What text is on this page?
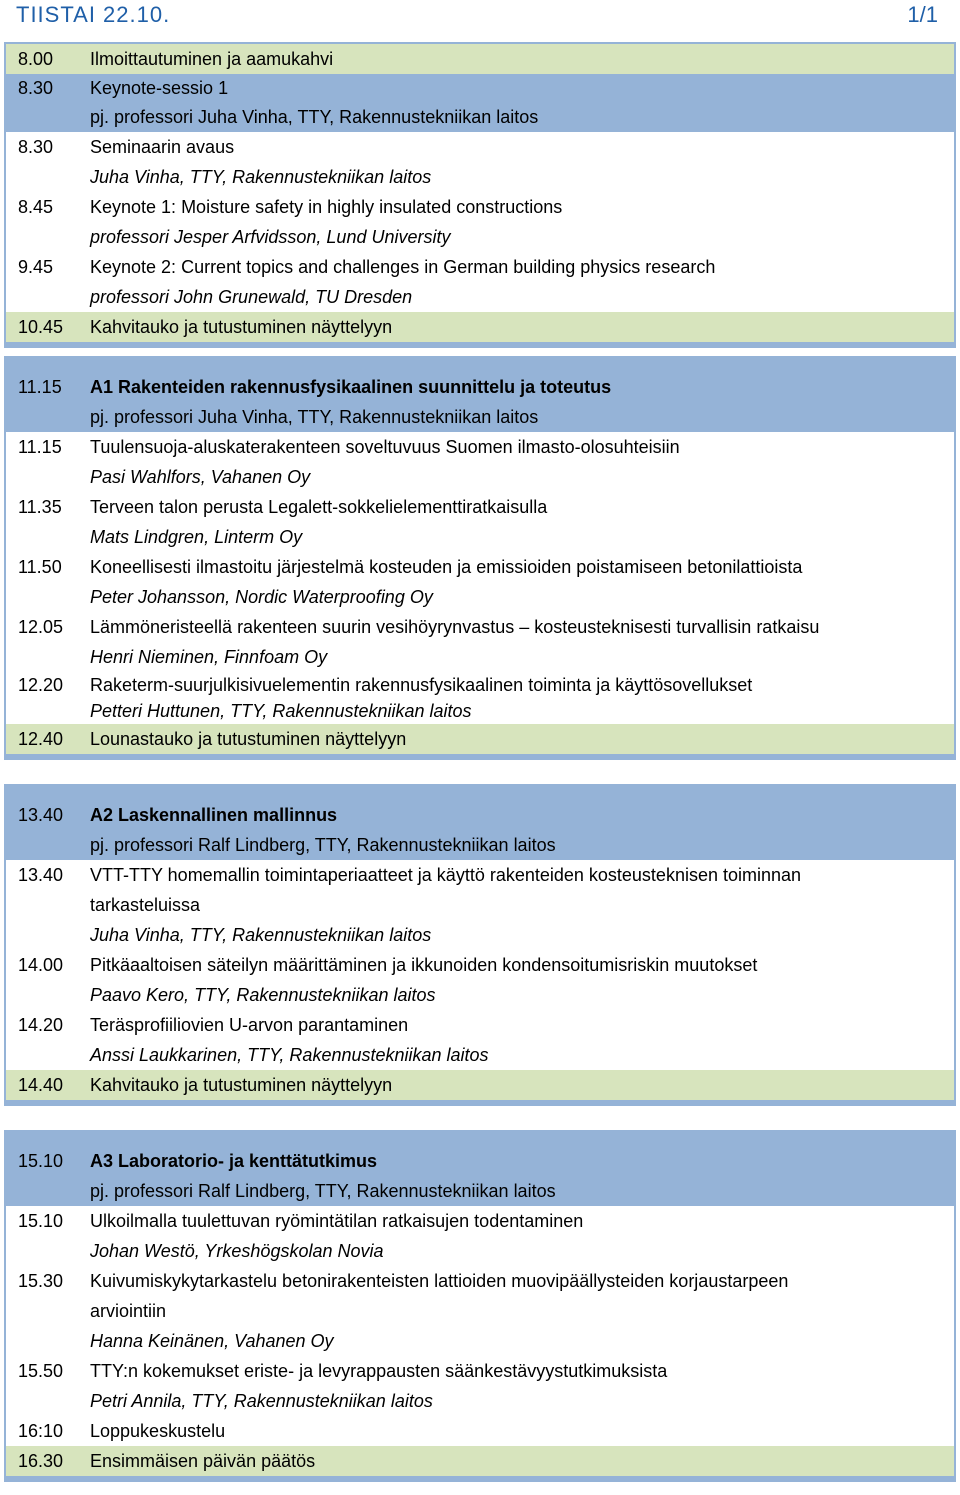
TIISTAI 22.10.	1/1
8.00	Ilmoittautuminen ja aamukahvi
8.30	Keynote-sessio 1
pj. professori Juha Vinha, TTY, Rakennustekniikan laitos
8.30	Seminaarin avaus
Juha Vinha, TTY, Rakennustekniikan laitos
8.45	Keynote 1: Moisture safety in highly insulated constructions
professori Jesper Arfvidsson, Lund University
9.45	Keynote 2: Current topics and challenges in German building physics research
professori John Grunewald, TU Dresden
10.45	Kahvitauko ja tutustuminen näyttelyyn
11.15	A1 Rakenteiden rakennusfysikaalinen suunnittelu ja toteutus
pj. professori Juha Vinha, TTY, Rakennustekniikan laitos
11.15	Tuulensuoja-aluskaterakenteen soveltuvuus Suomen ilmasto-olosuhteisiin
Pasi Wahlfors, Vahanen Oy
11.35	Terveen talon perusta Legalett-sokkelielementtiratkaisulla
Mats Lindgren, Linterm Oy
11.50	Koneellisesti ilmastoitu järjestelmä kosteuden ja emissioiden poistamiseen betonilattioista
Peter Johansson, Nordic Waterproofing Oy
12.05	Lämmöneristeellä rakenteen suurin vesihöyrynvastus – kosteusteknisesti turvallisin ratkaisu
Henri Nieminen, Finnfoam Oy
12.20	Raketerm-suurjulkisivuelementin rakennusfysikaalinen toiminta ja käyttösovellukset
Petteri Huttunen, TTY, Rakennustekniikan laitos
12.40	Lounastauko ja tutustuminen näyttelyyn
13.40	A2 Laskennallinen mallinnus
pj. professori Ralf Lindberg, TTY, Rakennustekniikan laitos
13.40	VTT-TTY homemallin toimintaperiaatteet ja käyttö rakenteiden kosteusteknisen toiminnan
tarkasteluissa
Juha Vinha, TTY, Rakennustekniikan laitos
14.00	Pitkäaaltoisen säteilyn määrittäminen ja ikkunoiden kondensoitumisriskin muutokset
Paavo Kero, TTY, Rakennustekniikan laitos
14.20	Teräsprofiiliovien U-arvon parantaminen
Anssi Laukkarinen, TTY, Rakennustekniikan laitos
14.40	Kahvitauko ja tutustuminen näyttelyyn
15.10	A3 Laboratorio- ja kenttätutkimus
pj. professori Ralf Lindberg, TTY, Rakennustekniikan laitos
15.10	Ulkoilmalla tuulettuvan ryömintätilan ratkaisujen todentaminen
Johan Westö, Yrkeshögskolan Novia
15.30	Kuivumiskykytarkastelu betonirakenteisten lattioiden muovipäällysteiden korjaustarpeen
arviointiin
Hanna Keinänen, Vahanen Oy
15.50	TTY:n kokemukset eriste- ja levyrappausten säänkestävyystutkimuksista
Petri Annila, TTY, Rakennustekniikan laitos
16:10	Loppukeskustelu
16.30	Ensimmäisen päivän päätös
